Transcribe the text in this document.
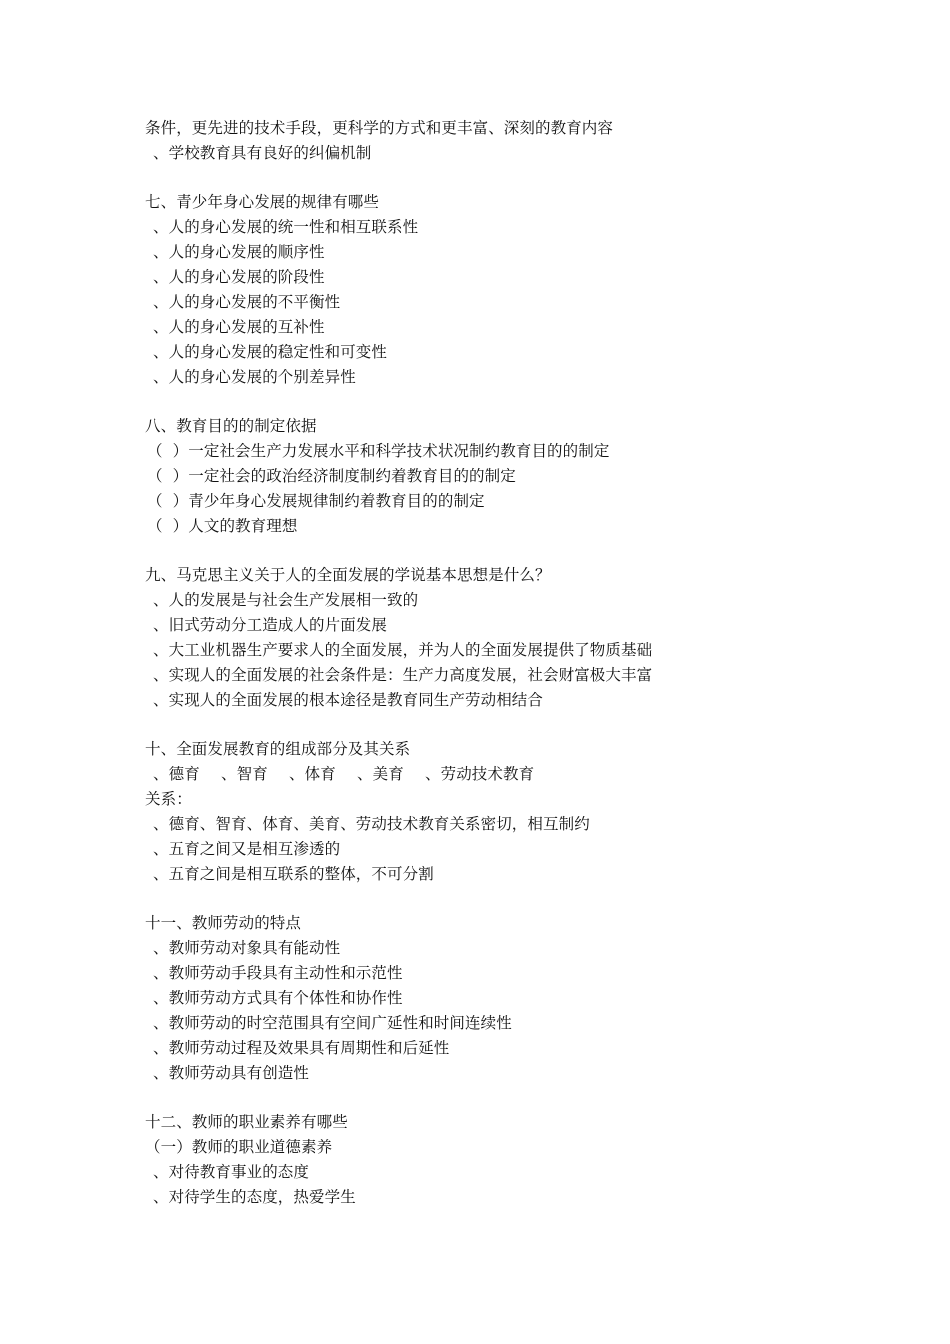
条件，更先进的技术手段，更科学的方式和更丰富、深刻的教育内容
、学校教育具有良好的纠偏机制
七、青少年身心发展的规律有哪些
、人的身心发展的统一性和相互联系性
、人的身心发展的顺序性
、人的身心发展的阶段性
、人的身心发展的不平衡性
、人的身心发展的互补性
、人的身心发展的稳定性和可变性
、人的身心发展的个别差异性
八、教育目的的制定依据
（  ）一定社会生产力发展水平和科学技术状况制约教育目的的制定
（  ）一定社会的政治经济制度制约着教育目的的制定
（  ）青少年身心发展规律制约着教育目的的制定
（  ）人文的教育理想
九、马克思主义关于人的全面发展的学说基本思想是什么？
、人的发展是与社会生产发展相一致的
、旧式劳动分工造成人的片面发展
、大工业机器生产要求人的全面发展，并为人的全面发展提供了物质基础
、实现人的全面发展的社会条件是：生产力高度发展，社会财富极大丰富
、实现人的全面发展的根本途径是教育同生产劳动相结合
十、全面发展教育的组成部分及其关系
、德育 、智育 、体育 、美育 、劳动技术教育
关系：
、德育、智育、体育、美育、劳动技术教育关系密切，相互制约
、五育之间又是相互渗透的
、五育之间是相互联系的整体，不可分割
十一、教师劳动的特点
、教师劳动对象具有能动性
、教师劳动手段具有主动性和示范性
、教师劳动方式具有个体性和协作性
、教师劳动的时空范围具有空间广延性和时间连续性
、教师劳动过程及效果具有周期性和后延性
、教师劳动具有创造性
十二、教师的职业素养有哪些
（一）教师的职业道德素养
、对待教育事业的态度
、对待学生的态度，热爱学生
